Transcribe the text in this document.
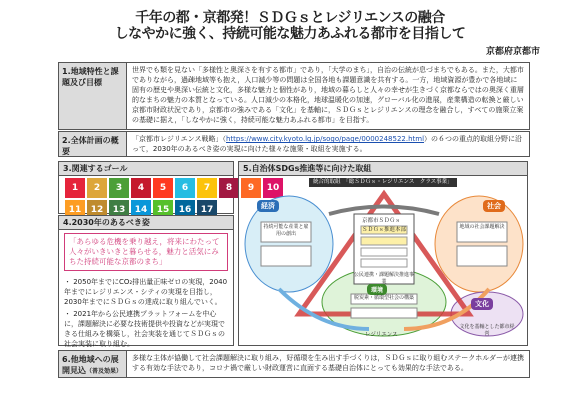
千年の都・京都発！ＳＤＧｓとレジリエンスの融合
しなやかに強く、持続可能な魅力あふれる都市を目指して
京都府京都市
1.地域特性と課題及び目標
世界でも類を見ない「多様性と奥深さを有する都市」であり，「大学のまち」，自治の伝統が息づまちでもある。また，大都市でありながら，過疎地域等も抱え，人口減少等の問題は全国各地も課題意識を共有する。一方，地域資源が豊かで各地域に固有の歴史や奥深い伝統と文化，多様な魅力と個性があり，地域の暮らしと人々の幸せが生きづく京都ならではの奥深く重層的なまちの魅力の本質となっている。人口減少の本格化，地球温暖化の加速，グローバル化の進展，産業構造の転換と厳しい京都市財政状況であり，京都市の強みである「文化」を基軸に，ＳＤＧｓとレジリエンスの理念を融合し，すべての施策立案の基礎に据え，「しなやかに強く，持続可能な魅力あふれる都市」を目指す。
2.全体計画の概要
「京都市レジリエンス戦略」（https://www.city.kyoto.lg.jp/sogo/page/0000248522.html）の６つの重点的取組分野に沿って，2030年のあるべき姿の実現に向けた様々な施策・取組を実施する。
3.関連するゴール
1	2	3	4	5	6	7	8	9	10
11	12	13	14	15	16	17
4.2030年のあるべき姿
「あらゆる危機を乗り越え，将来にわたって人々がいきいきと暮らせる，魅力と活気にみちた持続可能な京都のまち」
・ 2050年までにCO₂排出量正味ゼロの実現，2040年までにレジリエンス・シティの実現を目指し，2030年までにＳＤＧｓの達成に取り組んでいく。
・ 2021年から公民連携プラットフォームを中心に，課題解決に必要な技術提供や投資などが実現できる仕組みを構築し，社会実装を通じてＳＤＧｓの社会実装に取り組む。
5.自治体SDGs推進等に向けた取組
統合的取組　「総ＳＤＧｓ・レジリエンス　クラス事業」
経済	社会
環境
文化
京都市ＳＤＧｓ
ＳＤＧｓ推進本部
公民連携・課題解決推進事業
レジリエンス
持続可能な産業と雇用の創出
地域の社会課題解決
脱炭素・循環型社会の構築
文化を基軸とした都市経営
6.他地域への展開見込（普及効果）
多様な主体が協働して社会課題解決に取り組み，好循環を生み出す手づくりは，ＳＤＧｓに取り組むステークホルダーが連携する有効な手法であり，コロナ禍で厳しい財政運営に直面する基礎自治体にとっても効果的な手法である。
